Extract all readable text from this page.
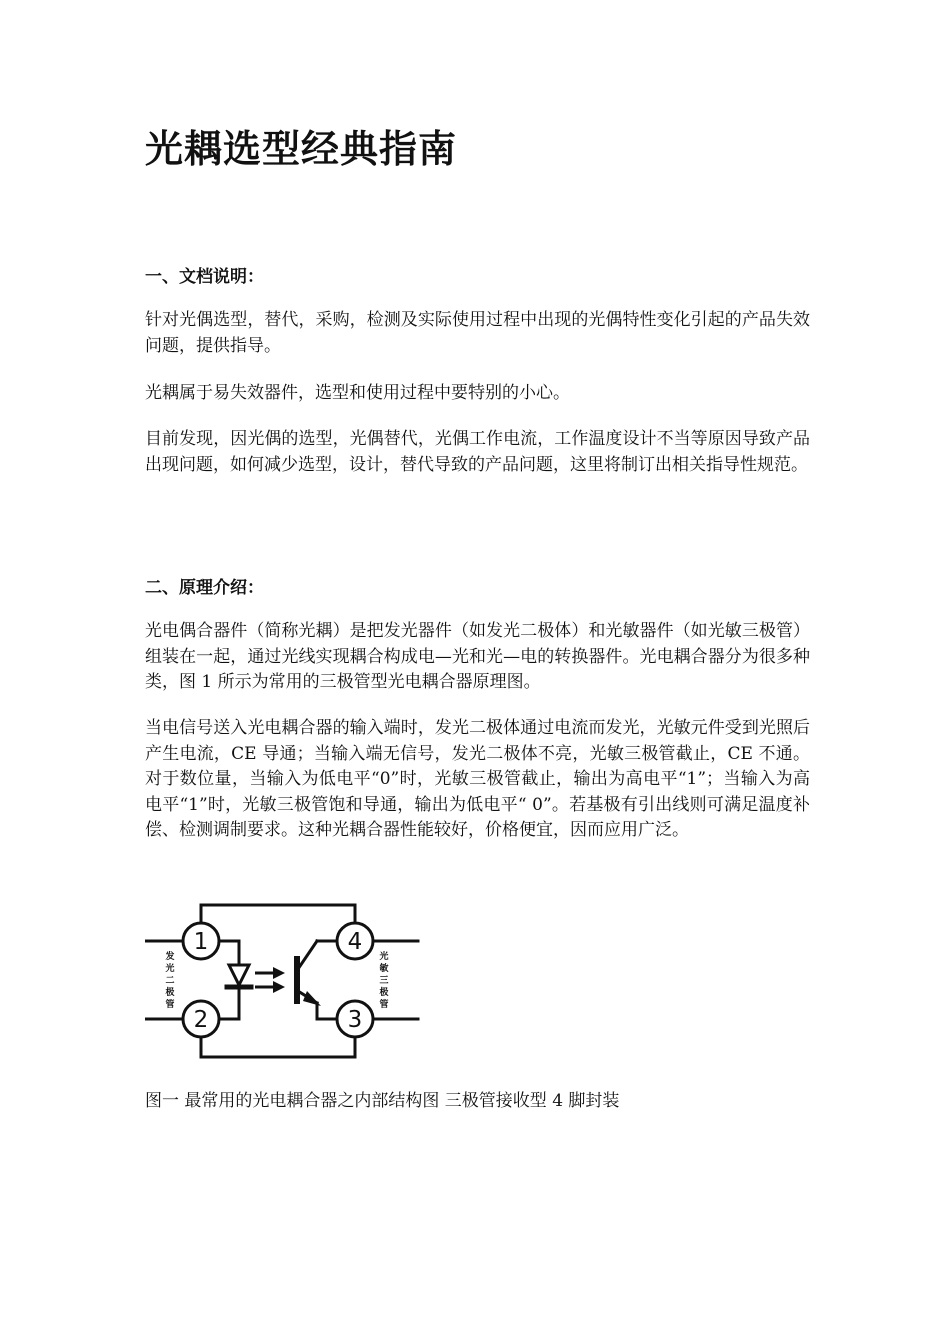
光耦选型经典指南
一、文档说明：

针对光偶选型，替代，采购，检测及实际使用过程中出现的光偶特性变化引起的产品失效问题，提供指导。

光耦属于易失效器件，选型和使用过程中要特别的小心。

目前发现，因光偶的选型，光偶替代，光偶工作电流，工作温度设计不当等原因导致产品出现问题，如何减少选型，设计，替代导致的产品问题，这里将制订出相关指导性规范。

二、原理介绍：

光电偶合器件（简称光耦）是把发光器件（如发光二极体）和光敏器件（如光敏三极管）组装在一起，通过光线实现耦合构成电—光和光—电的转换器件。光电耦合器分为很多种类，图 1 所示为常用的三极管型光电耦合器原理图。

当电信号送入光电耦合器的输入端时，发光二极体通过电流而发光，光敏元件受到光照后产生电流，CE 导通；当输入端无信号，发光二极体不亮，光敏三极管截止，CE 不通。对于数位量，当输入为低电平“0”时，光敏三极管截止，输出为高电平“1”；当输入为高电平“1”时，光敏三极管饱和导通，输出为低电平“ 0”。若基极有引出线则可满足温度补偿、检测调制要求。这种光耦合器性能较好，价格便宜，因而应用广泛。

1
2	3
4
发
光
二
极
管
光
敏
三
极
管

图一 最常用的光电耦合器之内部结构图 三极管接收型 4 脚封装
